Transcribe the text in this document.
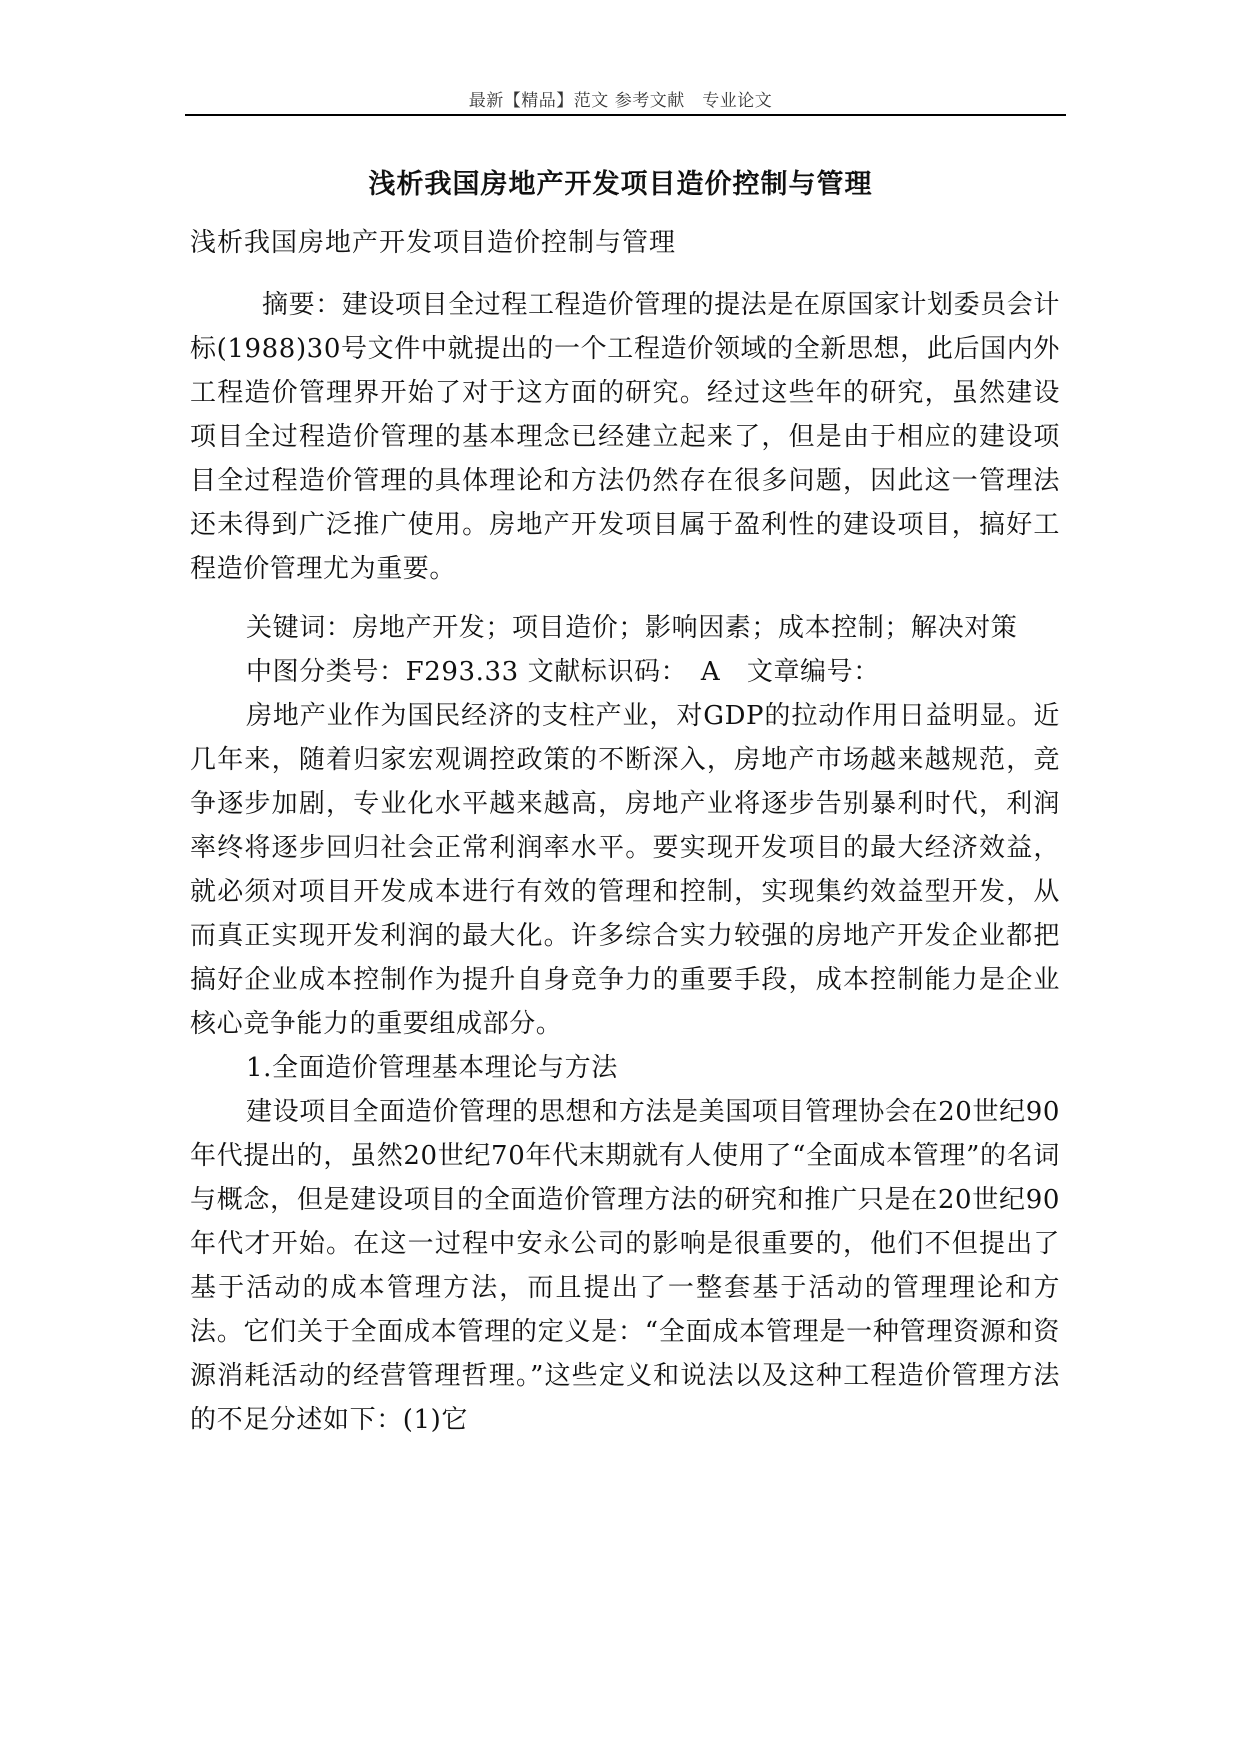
最新【精品】范文 参考文献　专业论文
浅析我国房地产开发项目造价控制与管理
浅析我国房地产开发项目造价控制与管理

摘要：建设项目全过程工程造价管理的提法是在原国家计划委员会计标(1988)30号文件中就提出的一个工程造价领域的全新思想，此后国内外工程造价管理界开始了对于这方面的研究。经过这些年的研究，虽然建设项目全过程造价管理的基本理念已经建立起来了，但是由于相应的建设项目全过程造价管理的具体理论和方法仍然存在很多问题，因此这一管理法还未得到广泛推广使用。房地产开发项目属于盈利性的建设项目，搞好工程造价管理尤为重要。

关键词：房地产开发；项目造价；影响因素；成本控制；解决对策

中图分类号：F293.33 文献标识码：　A　文章编号：

房地产业作为国民经济的支柱产业，对GDP的拉动作用日益明显。近几年来，随着归家宏观调控政策的不断深入，房地产市场越来越规范，竞争逐步加剧，专业化水平越来越高，房地产业将逐步告别暴利时代，利润率终将逐步回归社会正常利润率水平。要实现开发项目的最大经济效益，就必须对项目开发成本进行有效的管理和控制，实现集约效益型开发，从而真正实现开发利润的最大化。许多综合实力较强的房地产开发企业都把搞好企业成本控制作为提升自身竞争力的重要手段，成本控制能力是企业核心竞争能力的重要组成部分。

1.全面造价管理基本理论与方法

建设项目全面造价管理的思想和方法是美国项目管理协会在20世纪90年代提出的，虽然20世纪70年代末期就有人使用了“全面成本管理”的名词与概念，但是建设项目的全面造价管理方法的研究和推广只是在20世纪90年代才开始。在这一过程中安永公司的影响是很重要的，他们不但提出了基于活动的成本管理方法，而且提出了一整套基于活动的管理理论和方法。它们关于全面成本管理的定义是：“全面成本管理是一种管理资源和资源消耗活动的经营管理哲理。”这些定义和说法以及这种工程造价管理方法的不足分述如下：(1)它
